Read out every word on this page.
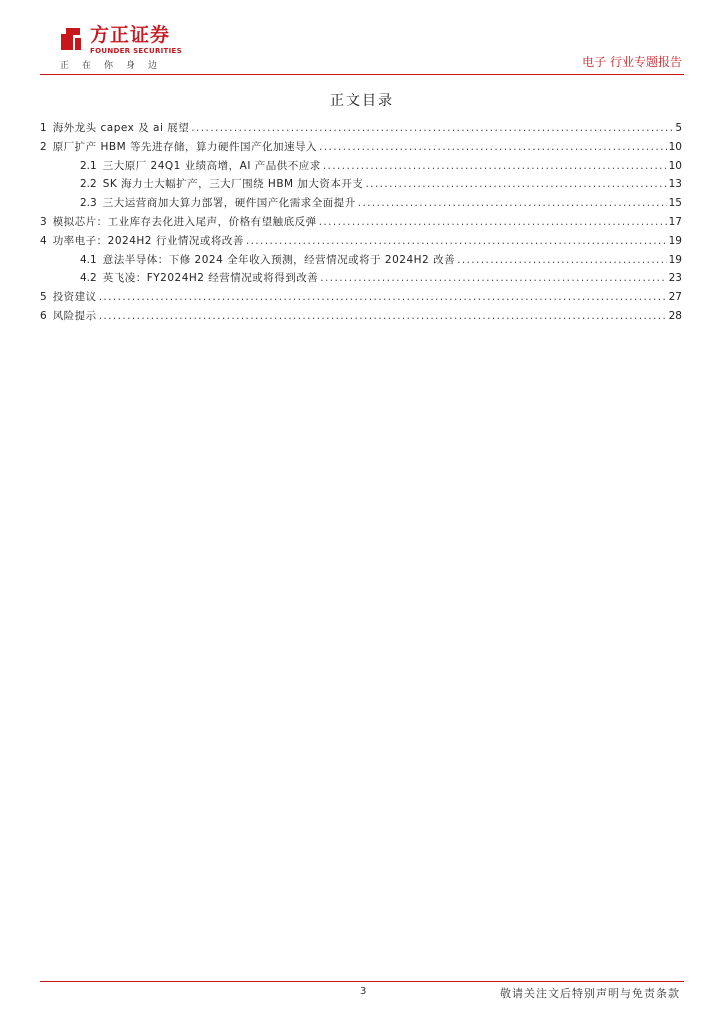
方正证券
FOUNDER SECURITIES
正在你身边	电子 行业专题报告
正文目录
1 海外龙头 capex 及 ai 展望 .....	5
2 原厂扩产 HBM 等先进存储，算力硬件国产化加速导入 .....	10
2.1 三大原厂 24Q1 业绩高增，AI 产品供不应求 .....	10
2.2 SK 海力士大幅扩产，三大厂围绕 HBM 加大资本开支 .....	13
2.3 三大运营商加大算力部署，硬件国产化需求全面提升 .....	15
3 模拟芯片：工业库存去化进入尾声，价格有望触底反弹 .....	17
4 功率电子：2024H2 行业情况或将改善 .....	19
4.1 意法半导体：下修 2024 全年收入预测，经营情况或将于 2024H2 改善 .....	19
4.2 英飞凌：FY2024H2 经营情况或将得到改善 .....	23
5 投资建议 .....	27
6 风险提示 .....	28
3	敬请关注文后特别声明与免责条款
